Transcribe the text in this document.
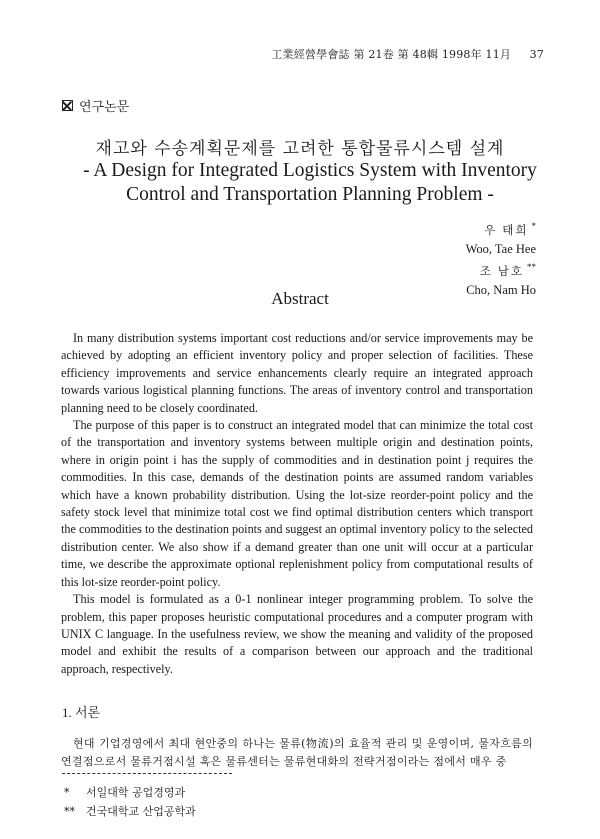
工業經營學會誌 第 21卷 第 48輯 1998年 11月 37
연구논문
재고와 수송계획문제를 고려한 통합물류시스템 설계
- A Design for Integrated Logistics System with Inventory
Control and Transportation Planning Problem -
우 태희 *
Woo, Tae Hee
조 남호 **
Cho, Nam Ho
Abstract

In many distribution systems important cost reductions and/or service improvements may be achieved by adopting an efficient inventory policy and proper selection of facilities. These efficiency improvements and service enhancements clearly require an integrated approach towards various logistical planning functions. The areas of inventory control and transportation planning need to be closely coordinated.

The purpose of this paper is to construct an integrated model that can minimize the total cost of the transportation and inventory systems between multiple origin and destination points, where in origin point i has the supply of commodities and in destination point j requires the commodities. In this case, demands of the destination points are assumed random variables which have a known probability distribution. Using the lot-size reorder-point policy and the safety stock level that minimize total cost we find optimal distribution centers which transport the commodities to the destination points and suggest an optimal inventory policy to the selected distribution center. We also show if a demand greater than one unit will occur at a particular time, we describe the approximate optional replenishment policy from computational results of this lot-size reorder-point policy.

This model is formulated as a 0-1 nonlinear integer programming problem. To solve the problem, this paper proposes heuristic computational procedures and a computer program with UNIX C language. In the usefulness review, we show the meaning and validity of the proposed model and exhibit the results of a comparison between our approach and the traditional approach, respectively.

1. 서론

현대 기업경영에서 최대 현안중의 하나는 물류(物流)의 효율적 관리 및 운영이며, 물자흐름의 연결점으로서 물류거점시설 혹은 물류센터는 물류현대화의 전략거점이라는 점에서 매우 중

* 서일대학 공업경영과
** 건국대학교 산업공학과
